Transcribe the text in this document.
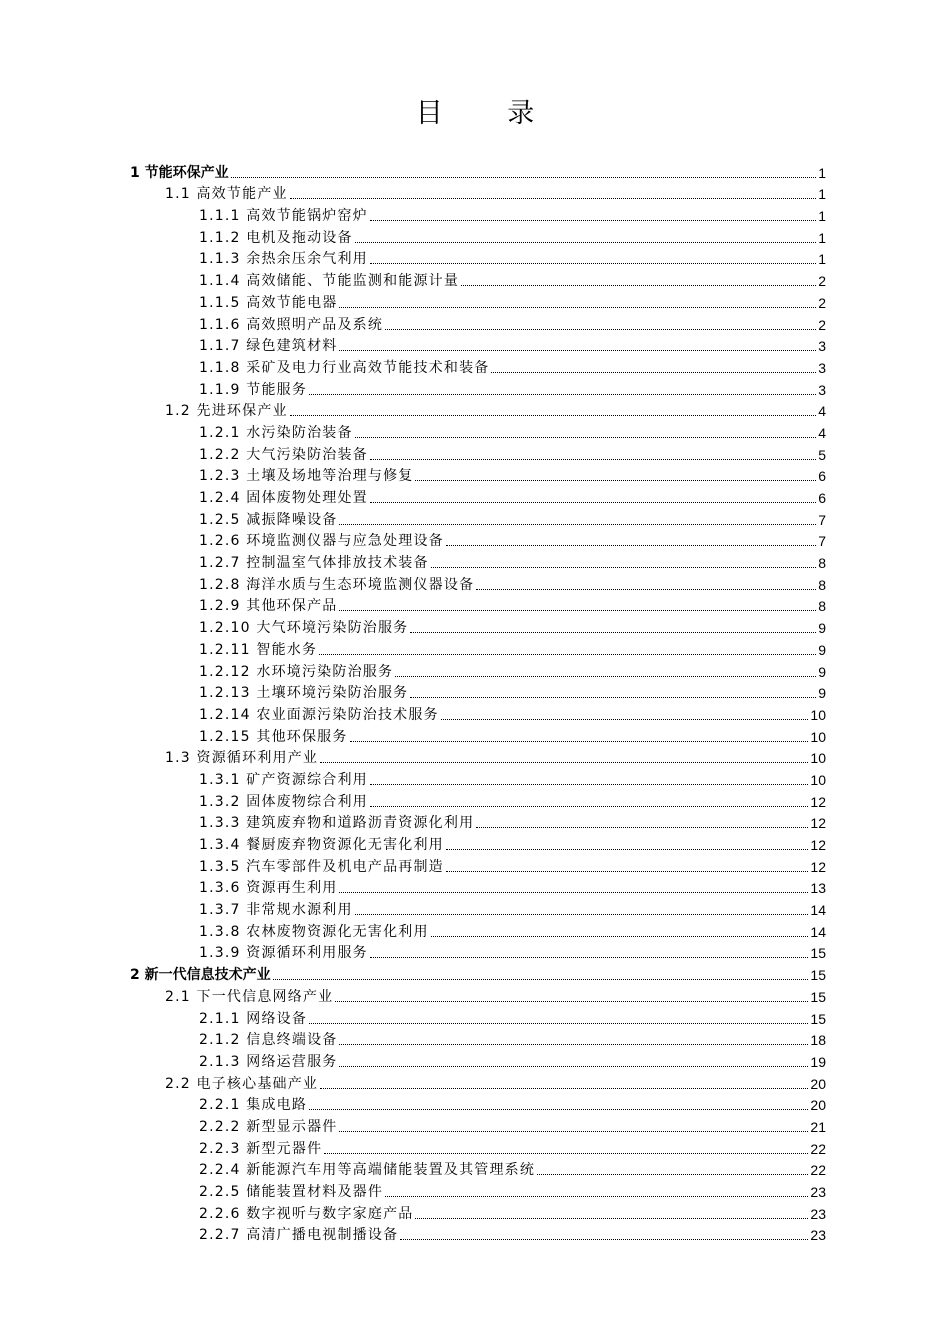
目 录
1 节能环保产业	1
1.1 高效节能产业	1
1.1.1 高效节能锅炉窑炉	1
1.1.2 电机及拖动设备	1
1.1.3 余热余压余气利用	1
1.1.4 高效储能、节能监测和能源计量	2
1.1.5 高效节能电器	2
1.1.6 高效照明产品及系统	2
1.1.7 绿色建筑材料	3
1.1.8 采矿及电力行业高效节能技术和装备	3
1.1.9 节能服务	3
1.2 先进环保产业	4
1.2.1 水污染防治装备	4
1.2.2 大气污染防治装备	5
1.2.3 土壤及场地等治理与修复	6
1.2.4 固体废物处理处置	6
1.2.5 减振降噪设备	7
1.2.6 环境监测仪器与应急处理设备	7
1.2.7 控制温室气体排放技术装备	8
1.2.8 海洋水质与生态环境监测仪器设备	8
1.2.9 其他环保产品	8
1.2.10 大气环境污染防治服务	9
1.2.11 智能水务	9
1.2.12 水环境污染防治服务	9
1.2.13 土壤环境污染防治服务	9
1.2.14 农业面源污染防治技术服务	10
1.2.15 其他环保服务	10
1.3 资源循环利用产业	10
1.3.1 矿产资源综合利用	10
1.3.2 固体废物综合利用	12
1.3.3 建筑废弃物和道路沥青资源化利用	12
1.3.4 餐厨废弃物资源化无害化利用	12
1.3.5 汽车零部件及机电产品再制造	12
1.3.6 资源再生利用	13
1.3.7 非常规水源利用	14
1.3.8 农林废物资源化无害化利用	14
1.3.9 资源循环利用服务	15
2 新一代信息技术产业	15
2.1 下一代信息网络产业	15
2.1.1 网络设备	15
2.1.2 信息终端设备	18
2.1.3 网络运营服务	19
2.2 电子核心基础产业	20
2.2.1 集成电路	20
2.2.2 新型显示器件	21
2.2.3 新型元器件	22
2.2.4 新能源汽车用等高端储能装置及其管理系统	22
2.2.5 储能装置材料及器件	23
2.2.6 数字视听与数字家庭产品	23
2.2.7 高清广播电视制播设备	23
